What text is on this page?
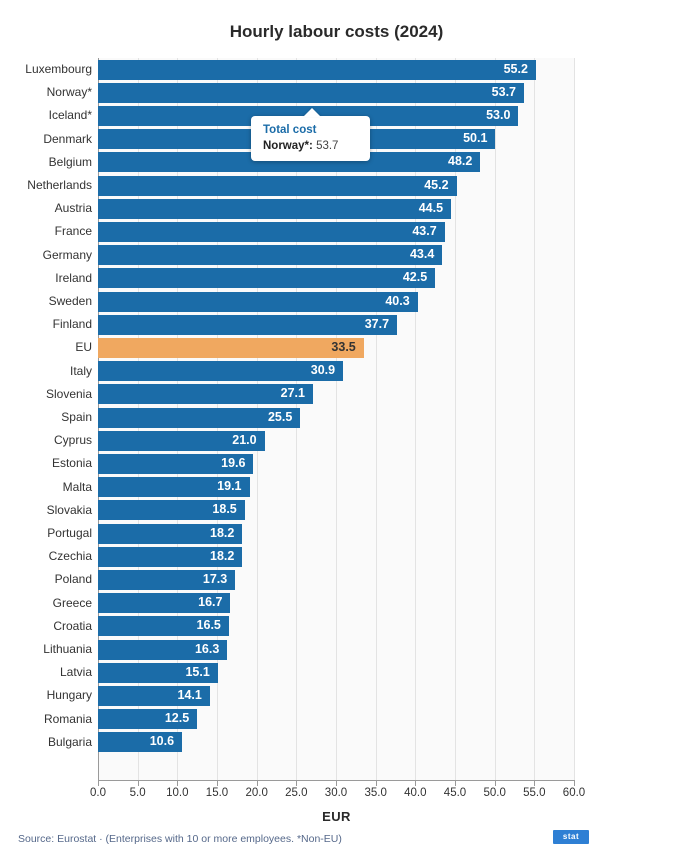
Hourly labour costs (2024)
Luxembourg
Norway*
Iceland*
Denmark
Belgium
Netherlands
Austria
France
Germany
Ireland
Sweden
Finland
EU
Italy
Slovenia
Spain
Cyprus
Estonia
Malta
Slovakia
Portugal
Czechia
Poland
Greece
Croatia
Lithuania
Latvia
Hungary
Romania
Bulgaria
55.2
53.7
53.0
50.1
48.2
45.2
44.5
43.7
43.4
42.5
40.3
37.7
33.5
30.9
27.1
25.5
21.0
19.6
19.1
18.5
18.2
18.2
17.3
16.7
16.5
16.3
15.1
14.1
12.5
10.6
Total cost
Norway*: 53.7
0.0 5.0 10.0 15.0 20.0 25.0 30.0 35.0 40.0 45.0 50.0 55.0 60.0
EUR
Source: Eurostat · (Enterprises with 10 or more employees. *Non-EU)	stat
